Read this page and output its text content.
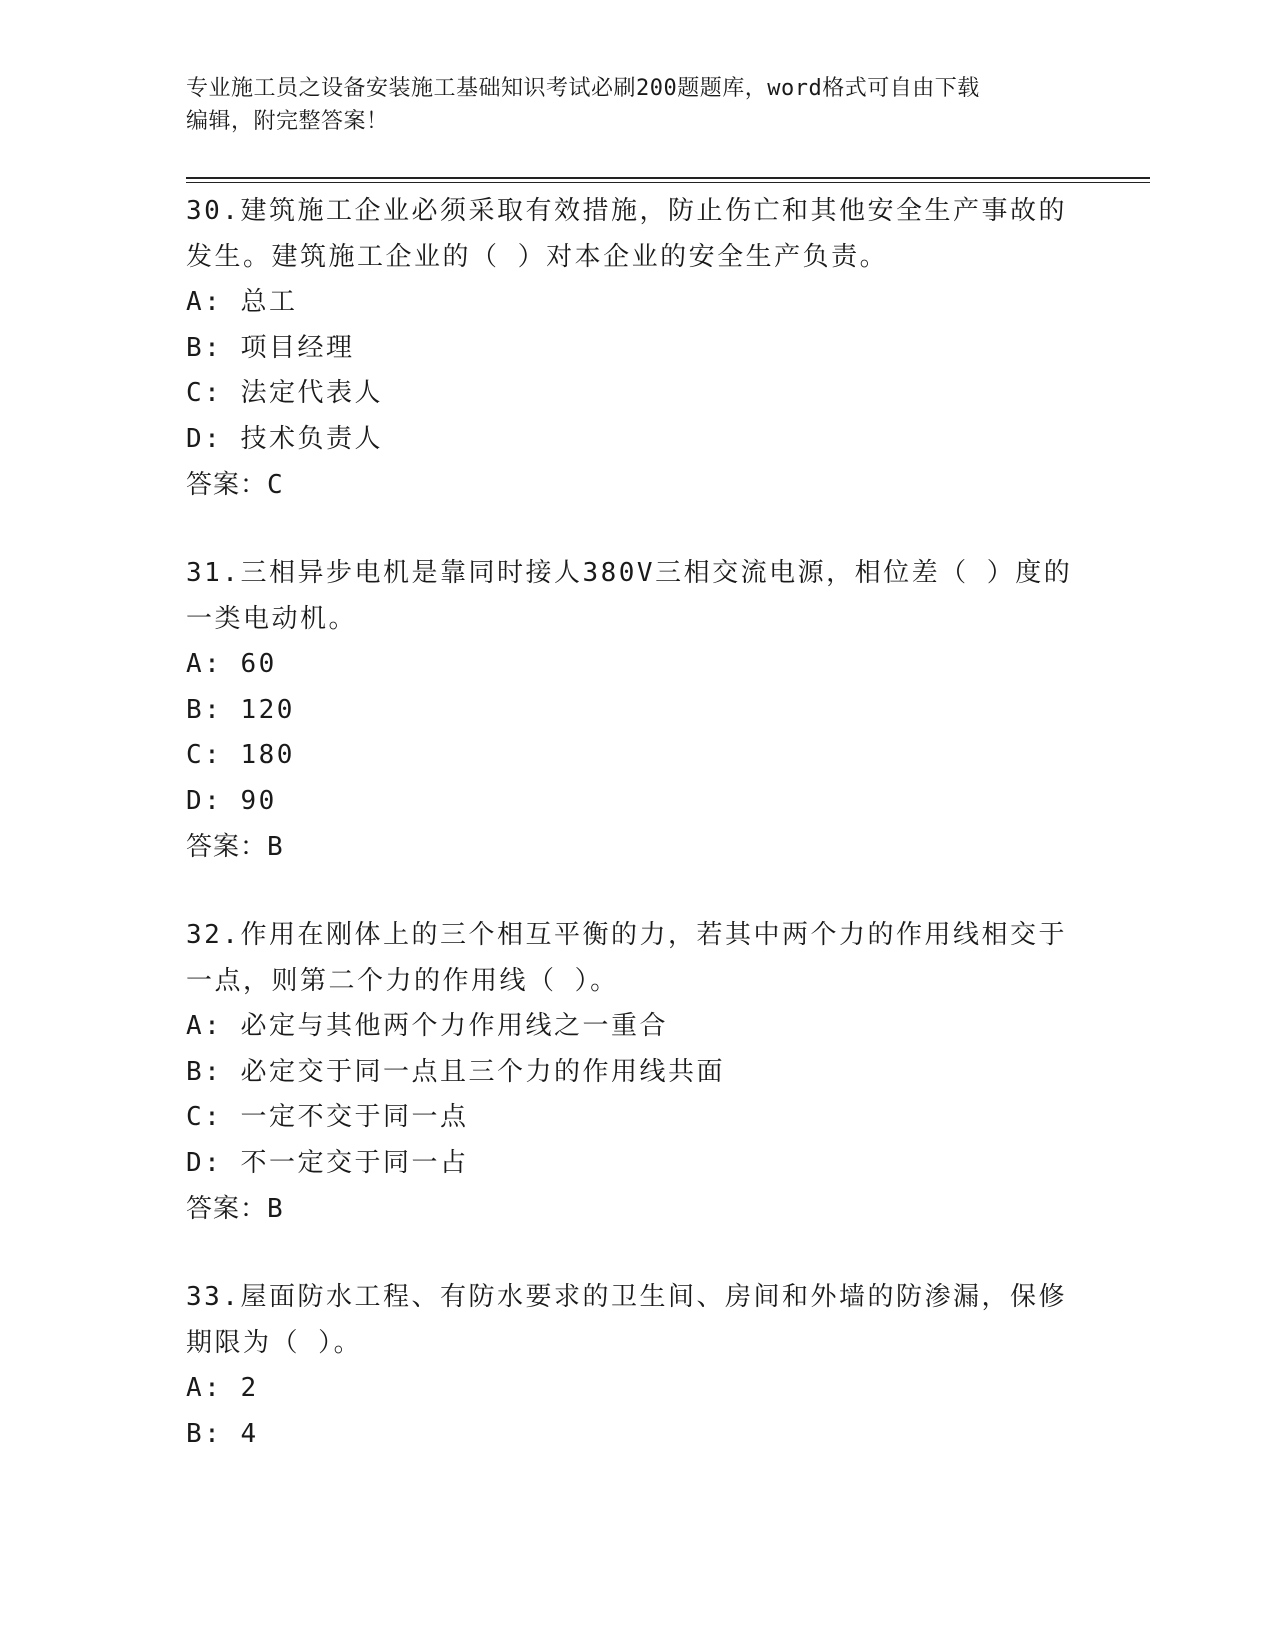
专业施工员之设备安装施工基础知识考试必刷200题题库，word格式可自由下载
编辑，附完整答案！
30.建筑施工企业必须采取有效措施，防止伤亡和其他安全生产事故的发生。建筑施工企业的（ ）对本企业的安全生产负责。
A: 总工
B: 项目经理
C: 法定代表人
D: 技术负责人
答案：C
31.三相异步电机是靠同时接人380V三相交流电源，相位差（ ）度的一类电动机。
A: 60
B: 120
C: 180
D: 90
答案：B
32.作用在刚体上的三个相互平衡的力，若其中两个力的作用线相交于一点，则第二个力的作用线（ ）。
A: 必定与其他两个力作用线之一重合
B: 必定交于同一点且三个力的作用线共面
C: 一定不交于同一点
D: 不一定交于同一占
答案：B
33.屋面防水工程、有防水要求的卫生间、房间和外墙的防渗漏，保修期限为（ ）。
A: 2
B: 4
